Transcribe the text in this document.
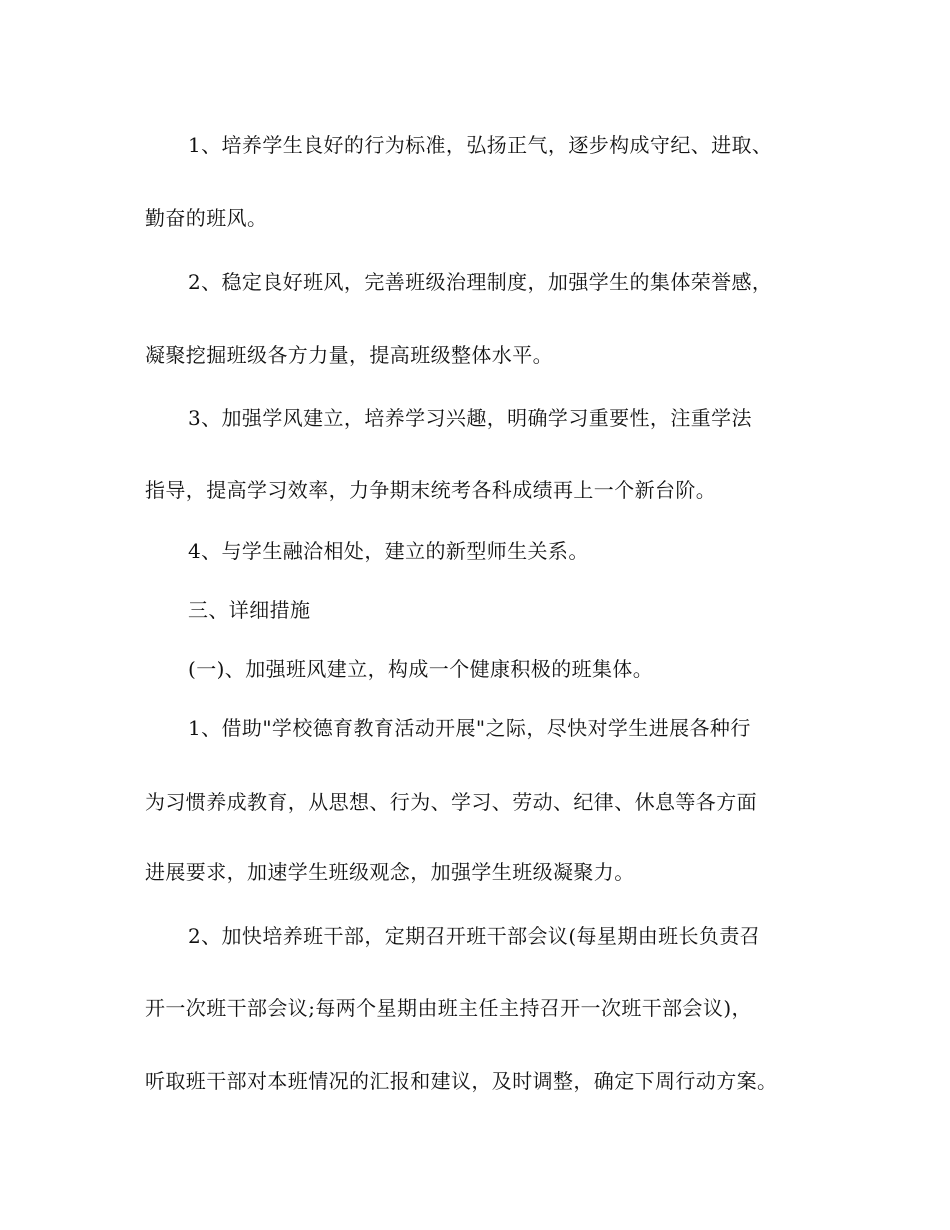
1、培养学生良好的行为标准，弘扬正气，逐步构成守纪、进取、
勤奋的班风。
2、稳定良好班风，完善班级治理制度，加强学生的集体荣誉感，
凝聚挖掘班级各方力量，提高班级整体水平。
3、加强学风建立，培养学习兴趣，明确学习重要性，注重学法
指导，提高学习效率，力争期末统考各科成绩再上一个新台阶。
4、与学生融洽相处，建立的新型师生关系。
三、详细措施
(一)、加强班风建立，构成一个健康积极的班集体。
1、借助"学校德育教育活动开展"之际，尽快对学生进展各种行
为习惯养成教育，从思想、行为、学习、劳动、纪律、休息等各方面
进展要求，加速学生班级观念，加强学生班级凝聚力。
2、加快培养班干部，定期召开班干部会议(每星期由班长负责召
开一次班干部会议;每两个星期由班主任主持召开一次班干部会议)，
听取班干部对本班情况的汇报和建议，及时调整，确定下周行动方案。
